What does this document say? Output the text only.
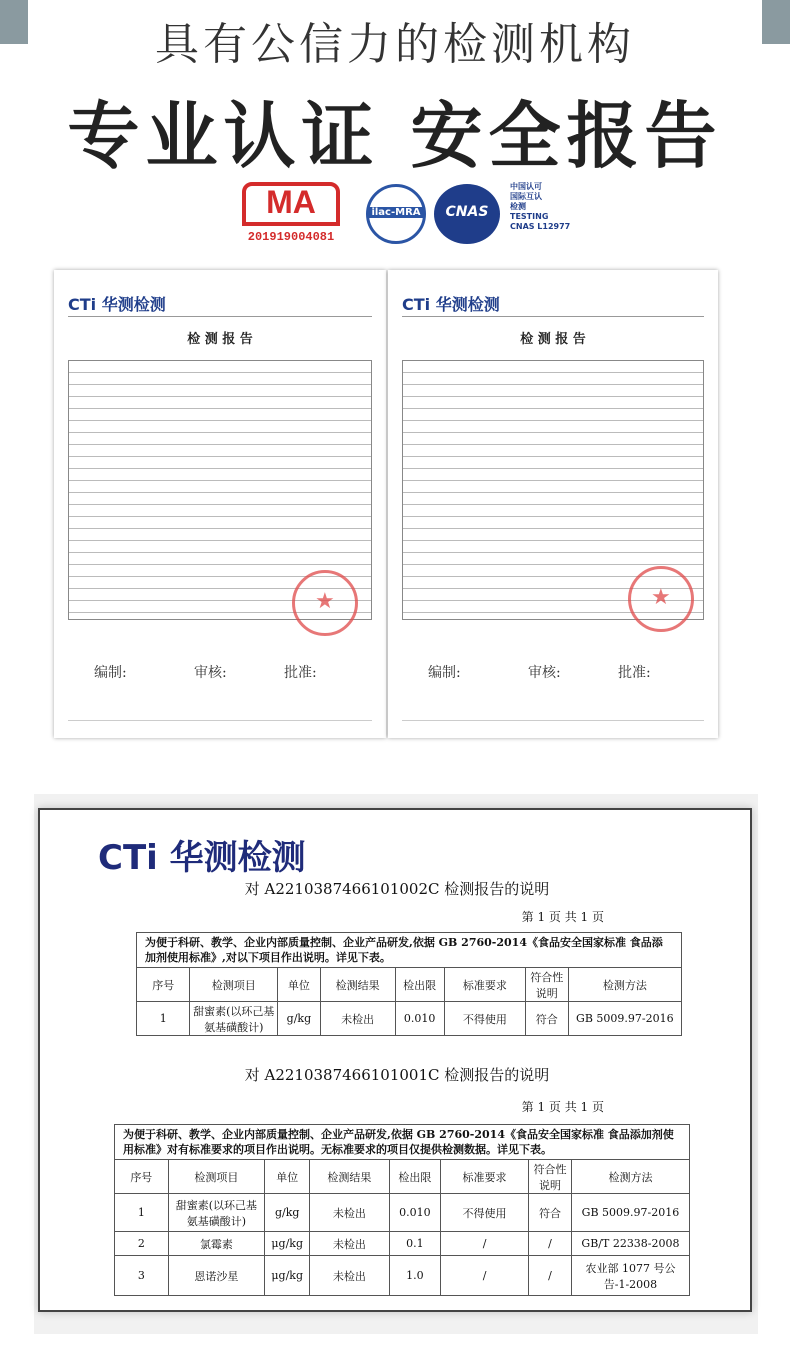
具有公信力的检测机构
专业认证 安全报告
MA
201919004081
ilac-MRA	CNAS
中国认可
国际互认
检测
TESTING
CNAS L12977
CTi 华测检测
检 测 报 告
★
编制:	审核:	批准:
CTi 华测检测
检 测 报 告
★
编制:	审核:	批准:
CTi 华测检测
对 A2210387466101002C 检测报告的说明
第 1 页 共 1 页
为便于科研、教学、企业内部质量控制、企业产品研发,依据 GB 2760-2014《食品安全国家标准 食品添加剂使用标准》,对以下项目作出说明。详见下表。							
序号	检测项目	单位	检测结果	检出限	标准要求	符合性说明	检测方法
1	甜蜜素(以环己基氨基磺酸计)	g/kg	未检出	0.010	不得使用	符合	GB 5009.97-2016
对 A2210387466101001C 检测报告的说明
第 1 页 共 1 页
为便于科研、教学、企业内部质量控制、企业产品研发,依据 GB 2760-2014《食品安全国家标准 食品添加剂使用标准》对有标准要求的项目作出说明。无标准要求的项目仅提供检测数据。详见下表。							
序号	检测项目	单位	检测结果	检出限	标准要求	符合性说明	检测方法
1	甜蜜素(以环己基氨基磺酸计)	g/kg	未检出	0.010	不得使用	符合	GB 5009.97-2016
2	氯霉素	μg/kg	未检出	0.1	/	/	GB/T 22338-2008
3	恩诺沙星	μg/kg	未检出	1.0	/	/	农业部 1077 号公告-1-2008
